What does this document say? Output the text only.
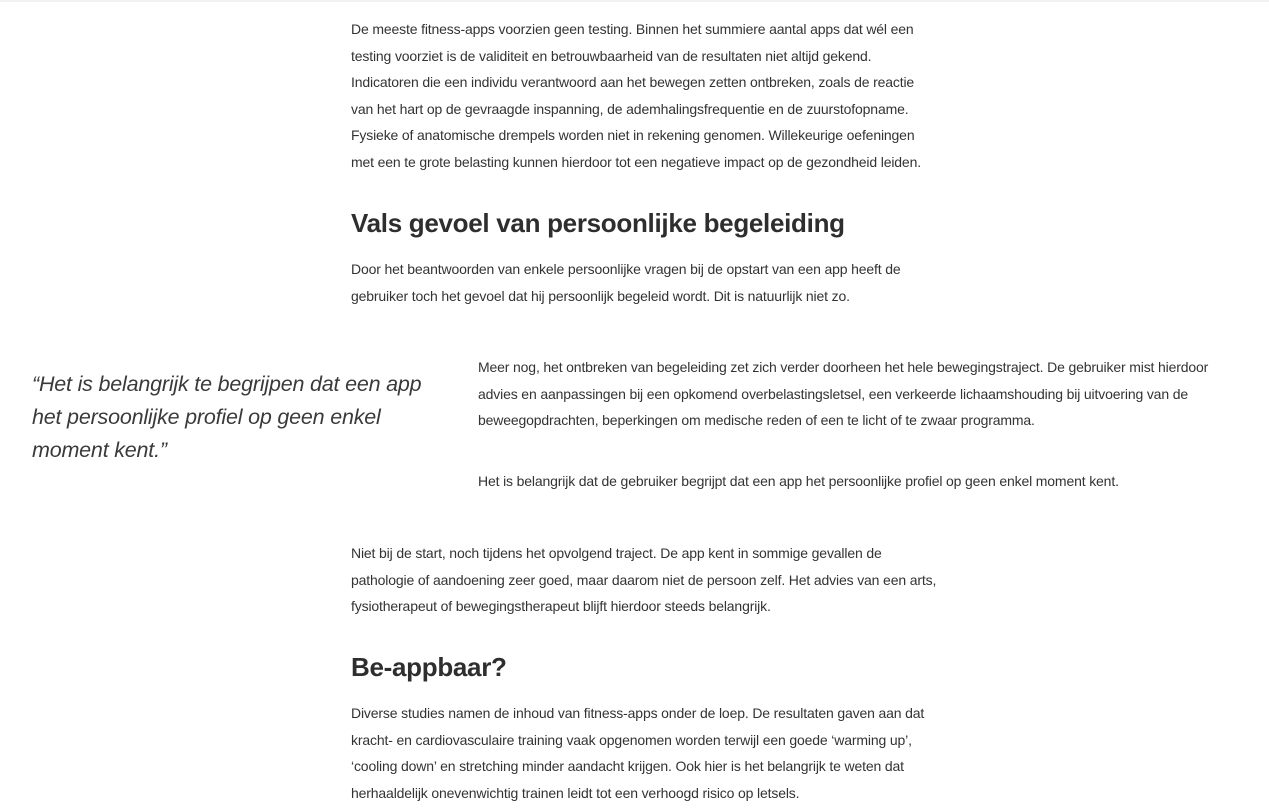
De meeste fitness-apps voorzien geen testing. Binnen het summiere aantal apps dat wél een
testing voorziet is de validiteit en betrouwbaarheid van de resultaten niet altijd gekend.
Indicatoren die een individu verantwoord aan het bewegen zetten ontbreken, zoals de reactie
van het hart op de gevraagde inspanning, de ademhalingsfrequentie en de zuurstofopname.
Fysieke of anatomische drempels worden niet in rekening genomen. Willekeurige oefeningen
met een te grote belasting kunnen hierdoor tot een negatieve impact op de gezondheid leiden.

Vals gevoel van persoonlijke begeleiding

Door het beantwoorden van enkele persoonlijke vragen bij de opstart van een app heeft de
gebruiker toch het gevoel dat hij persoonlijk begeleid wordt. Dit is natuurlijk niet zo.

“Het is belangrijk te begrijpen dat een app
het persoonlijke profiel op geen enkel
moment kent.”

Meer nog, het ontbreken van begeleiding zet zich verder doorheen het hele bewegingstraject. De gebruiker mist hierdoor
advies en aanpassingen bij een opkomend overbelastingsletsel, een verkeerde lichaamshouding bij uitvoering van de
beweegopdrachten, beperkingen om medische reden of een te licht of te zwaar programma.

Het is belangrijk dat de gebruiker begrijpt dat een app het persoonlijke profiel op geen enkel moment kent.

Niet bij de start, noch tijdens het opvolgend traject. De app kent in sommige gevallen de
pathologie of aandoening zeer goed, maar daarom niet de persoon zelf. Het advies van een arts,
fysiotherapeut of bewegingstherapeut blijft hierdoor steeds belangrijk.

Be-appbaar?

Diverse studies namen de inhoud van fitness-apps onder de loep. De resultaten gaven aan dat
kracht- en cardiovasculaire training vaak opgenomen worden terwijl een goede ‘warming up’,
‘cooling down’ en stretching minder aandacht krijgen. Ook hier is het belangrijk te weten dat
herhaaldelijk onevenwichtig trainen leidt tot een verhoogd risico op letsels.
